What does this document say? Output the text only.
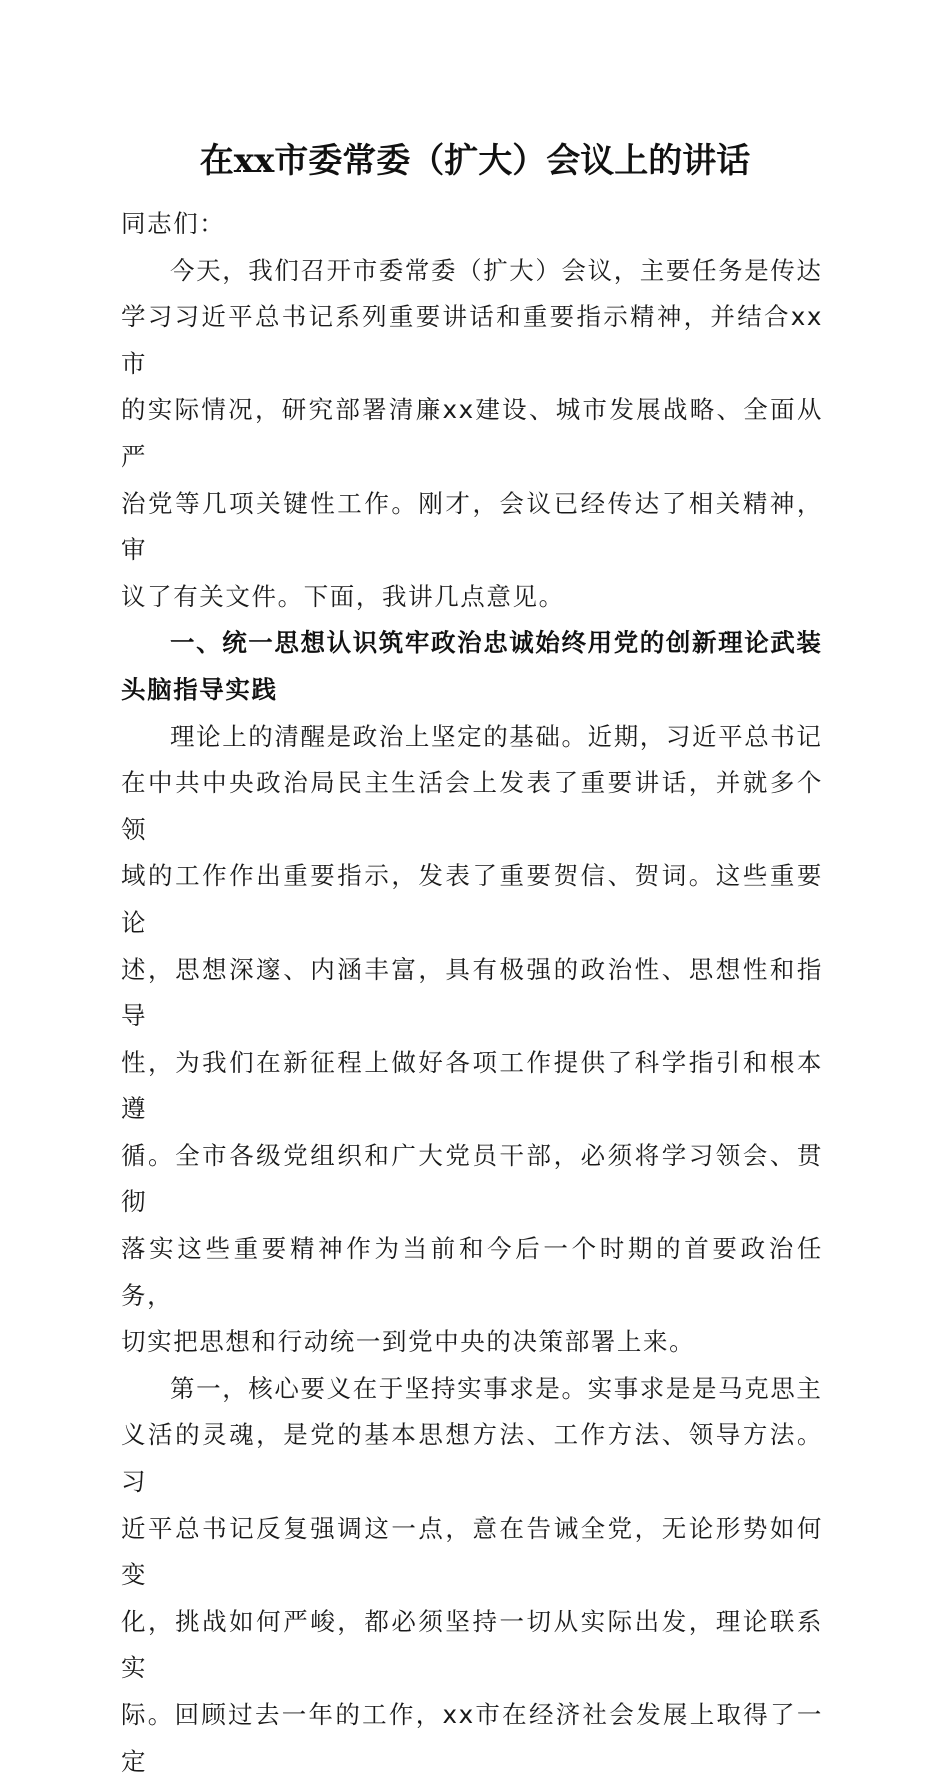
在xx市委常委（扩大）会议上的讲话

同志们：

今天，我们召开市委常委（扩大）会议，主要任务是传达
学习习近平总书记系列重要讲话和重要指示精神，并结合xx市
的实际情况，研究部署清廉xx建设、城市发展战略、全面从严
治党等几项关键性工作。刚才，会议已经传达了相关精神，审
议了有关文件。下面，我讲几点意见。

一、统一思想认识筑牢政治忠诚始终用党的创新理论武装
头脑指导实践

理论上的清醒是政治上坚定的基础。近期，习近平总书记
在中共中央政治局民主生活会上发表了重要讲话，并就多个领
域的工作作出重要指示，发表了重要贺信、贺词。这些重要论
述，思想深邃、内涵丰富，具有极强的政治性、思想性和指导
性，为我们在新征程上做好各项工作提供了科学指引和根本遵
循。全市各级党组织和广大党员干部，必须将学习领会、贯彻
落实这些重要精神作为当前和今后一个时期的首要政治任务，
切实把思想和行动统一到党中央的决策部署上来。

第一，核心要义在于坚持实事求是。实事求是是马克思主
义活的灵魂，是党的基本思想方法、工作方法、领导方法。习
近平总书记反复强调这一点，意在告诫全党，无论形势如何变
化，挑战如何严峻，都必须坚持一切从实际出发，理论联系实
际。回顾过去一年的工作，xx市在经济社会发展上取得了一定
